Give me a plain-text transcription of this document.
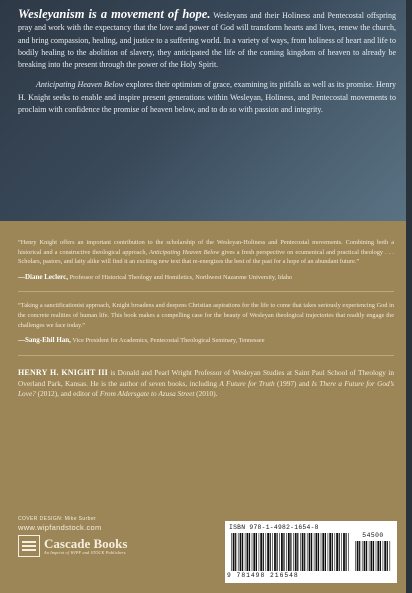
Wesleyanism is a movement of hope. Wesleyans and their Holiness and Pentecostal offspring pray and work with the expectancy that the love and power of God will transform hearts and lives, renew the church, and bring compassion, healing, and justice to a suffering world. In a variety of ways, from holiness of heart and life to bodily healing to the abolition of slavery, they anticipated the life of the coming kingdom of heaven to already be breaking into the present through the power of the Holy Spirit.

Anticipating Heaven Below explores their optimism of grace, examining its pitfalls as well as its promise. Henry H. Knight seeks to enable and inspire present generations within Wesleyan, Holiness, and Pentecostal movements to proclaim with confidence the promise of heaven below, and to do so with passion and integrity.

“Henry Knight offers an important contribution to the scholarship of the Wesleyan-Holiness and Pentecostal movements. Combining both a historical and a constructive theological approach, Anticipating Heaven Below gives a fresh perspective on ecumenical and practical theology . . . Scholars, pastors, and laity alike will find it an exciting new text that re-energizes the best of the past for a hope of an abundant future.”

—Diane Leclerc, Professor of Historical Theology and Homiletics, Northwest Nazarene University, Idaho

“Taking a sanctificationist approach, Knight broadens and deepens Christian aspirations for the life to come that takes seriously experiencing God in the concrete realities of human life. This book makes a compelling case for the beauty of Wesleyan theological trajectories that readily engage the challenges we face today.”

—Sang-Ehil Han, Vice President for Academics, Pentecostal Theological Seminary, Tennessee

HENRY H. KNIGHT III is Donald and Pearl Wright Professor of Wesleyan Studies at Saint Paul School of Theology in Overland Park, Kansas. He is the author of seven books, including A Future for Truth (1997) and Is There a Future for God’s Love? (2012), and editor of From Aldersgate to Azusa Street (2010).

COVER DESIGN: Mike Surber
www.wipfandstock.com
Cascade Books
An Imprint of WIPF and STOCK Publishers
ISBN 978-1-4982-1654-8
54500
9 781498 216548
